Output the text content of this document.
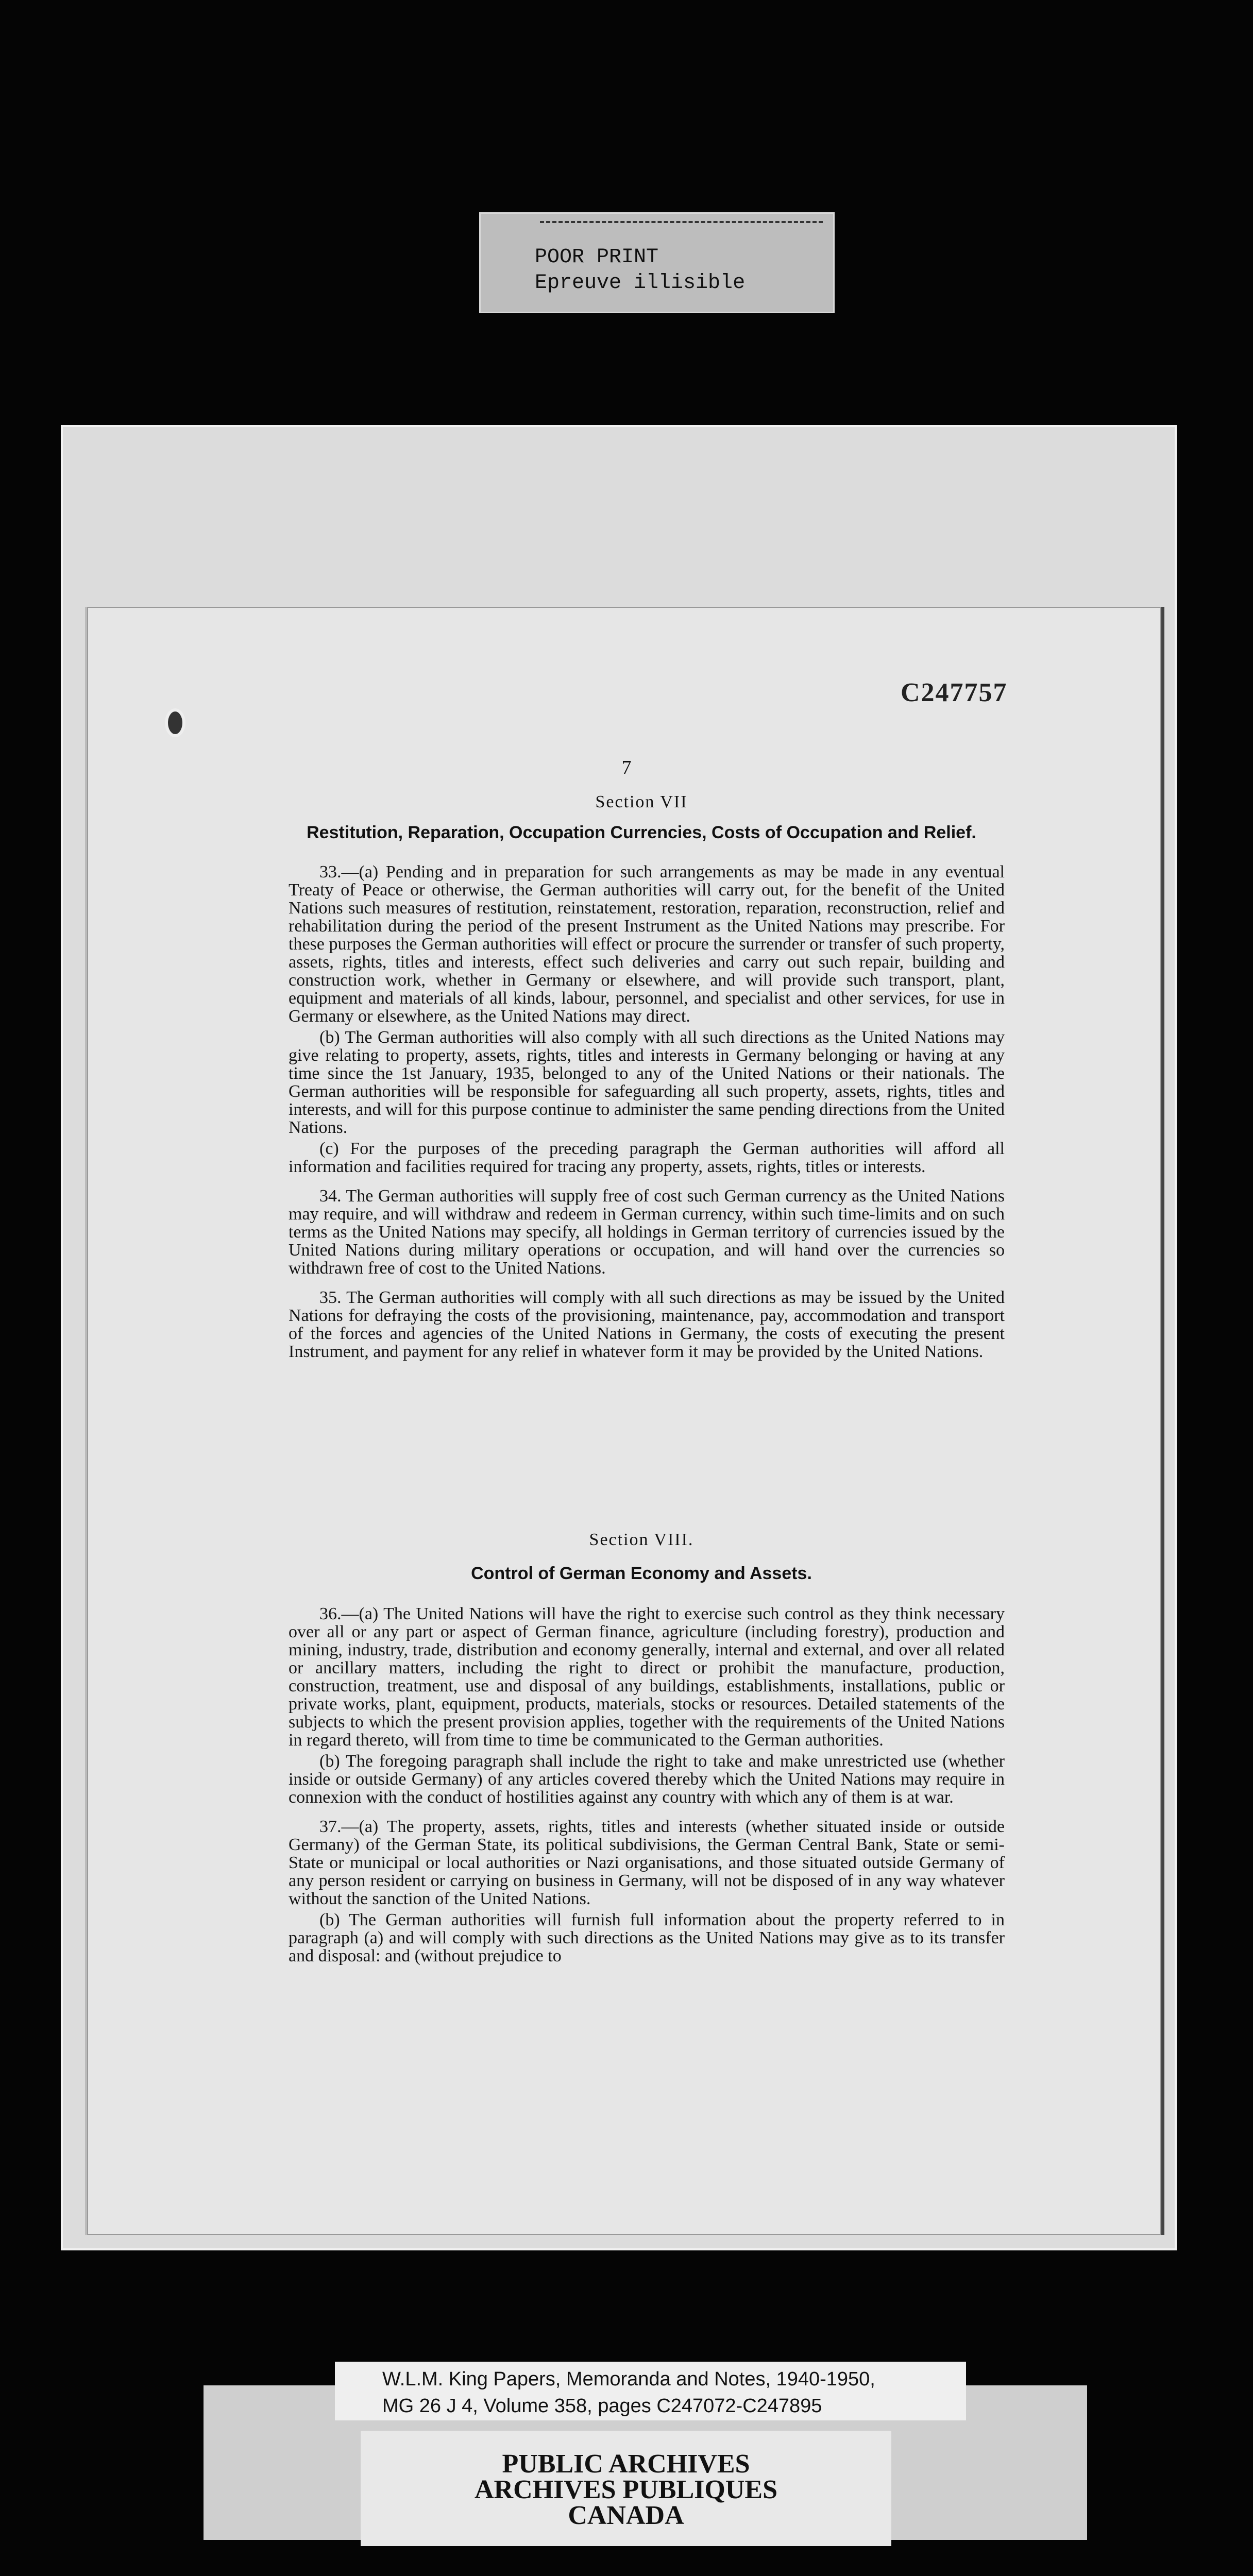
POOR PRINT
Epreuve illisible
C247757
7
Section VII
Restitution, Reparation, Occupation Currencies, Costs of Occupation and Relief.

33.—(a) Pending and in preparation for such arrangements as may be made in any eventual Treaty of Peace or otherwise, the German authorities will carry out, for the benefit of the United Nations such measures of restitution, reinstatement, restoration, reparation, reconstruction, relief and rehabilitation during the period of the present Instrument as the United Nations may prescribe. For these purposes the German authorities will effect or procure the surrender or transfer of such property, assets, rights, titles and interests, effect such deliveries and carry out such repair, building and construction work, whether in Germany or elsewhere, and will provide such transport, plant, equipment and materials of all kinds, labour, personnel, and specialist and other services, for use in Germany or elsewhere, as the United Nations may direct.

(b) The German authorities will also comply with all such directions as the United Nations may give relating to property, assets, rights, titles and interests in Germany belonging or having at any time since the 1st January, 1935, belonged to any of the United Nations or their nationals. The German authorities will be responsible for safeguarding all such property, assets, rights, titles and interests, and will for this purpose continue to administer the same pending directions from the United Nations.

(c) For the purposes of the preceding paragraph the German authorities will afford all information and facilities required for tracing any property, assets, rights, titles or interests.

34. The German authorities will supply free of cost such German currency as the United Nations may require, and will withdraw and redeem in German currency, within such time-limits and on such terms as the United Nations may specify, all holdings in German territory of currencies issued by the United Nations during military operations or occupation, and will hand over the currencies so withdrawn free of cost to the United Nations.

35. The German authorities will comply with all such directions as may be issued by the United Nations for defraying the costs of the provisioning, maintenance, pay, accommodation and transport of the forces and agencies of the United Nations in Germany, the costs of executing the present Instrument, and payment for any relief in whatever form it may be provided by the United Nations.

Section VIII.
Control of German Economy and Assets.

36.—(a) The United Nations will have the right to exercise such control as they think necessary over all or any part or aspect of German finance, agriculture (including forestry), production and mining, industry, trade, distribution and economy generally, internal and external, and over all related or ancillary matters, including the right to direct or prohibit the manufacture, production, construction, treatment, use and disposal of any buildings, establishments, installations, public or private works, plant, equipment, products, materials, stocks or resources. Detailed statements of the subjects to which the present provision applies, together with the requirements of the United Nations in regard thereto, will from time to time be communicated to the German authorities.

(b) The foregoing paragraph shall include the right to take and make unrestricted use (whether inside or outside Germany) of any articles covered thereby which the United Nations may require in connexion with the conduct of hostilities against any country with which any of them is at war.

37.—(a) The property, assets, rights, titles and interests (whether situated inside or outside Germany) of the German State, its political subdivisions, the German Central Bank, State or semi-State or municipal or local authorities or Nazi organisations, and those situated outside Germany of any person resident or carrying on business in Germany, will not be disposed of in any way whatever without the sanction of the United Nations.

(b) The German authorities will furnish full information about the property referred to in paragraph (a) and will comply with such directions as the United Nations may give as to its transfer and disposal: and (without prejudice to

W.L.M. King Papers, Memoranda and Notes, 1940-1950,
MG 26 J 4, Volume 358, pages C247072-C247895
PUBLIC ARCHIVES
ARCHIVES PUBLIQUES
CANADA
